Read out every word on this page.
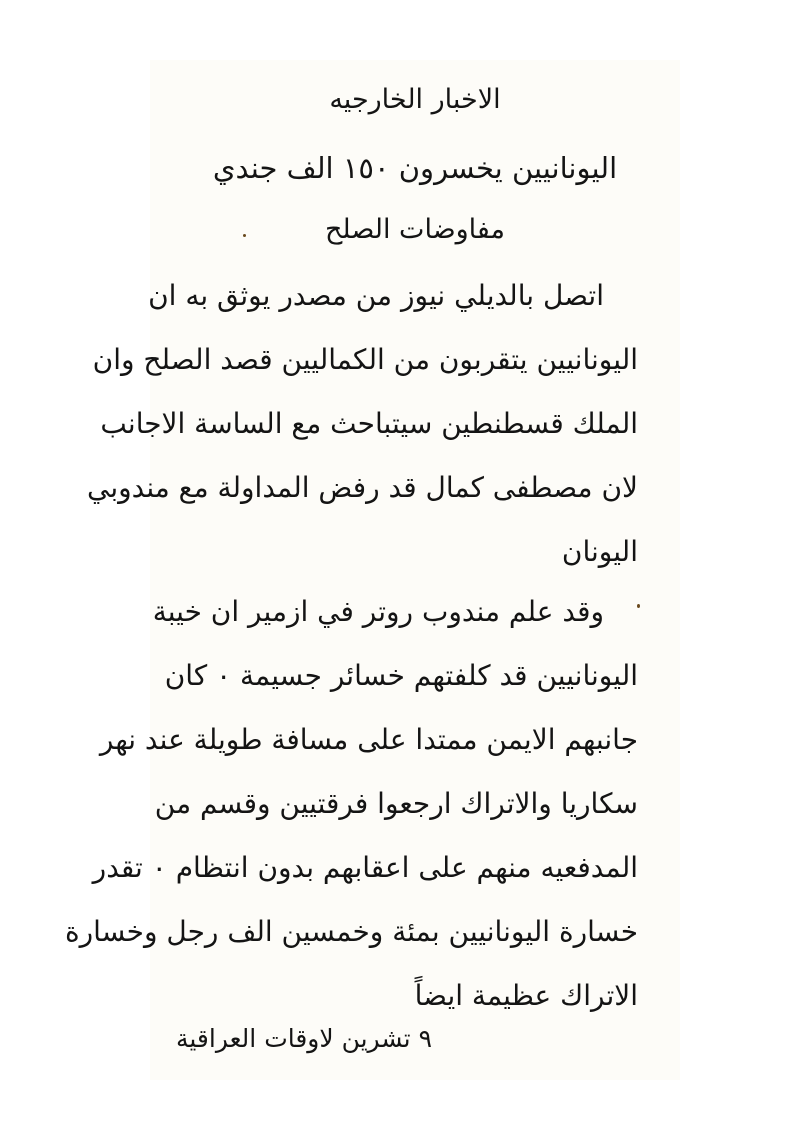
الاخبار الخارجيه
اليونانيين يخسرون ١٥٠ الف جندي
مفاوضات الصلح
اتصل بالديلي نيوز من مصدر يوثق به ان
اليونانيين يتقربون من الكماليين قصد الصلح وان
الملك قسطنطين سيتباحث مع الساسة الاجانب
لان مصطفى كمال قد رفض المداولة مع مندوبي
اليونان
وقد علم مندوب روتر في ازمير ان خيبة
اليونانيين قد كلفتهم خسائر جسيمة ٠ كان
جانبهم الايمن ممتدا على مسافة طويلة عند نهر
سكاريا والاتراك ارجعوا فرقتيين وقسم من
المدفعيه منهم على اعقابهم بدون انتظام ٠ تقدر
خسارة اليونانيين بمئة وخمسين الف رجل وخسارة
الاتراك عظيمة ايضاً
٩ تشرين لاوقات العراقية
